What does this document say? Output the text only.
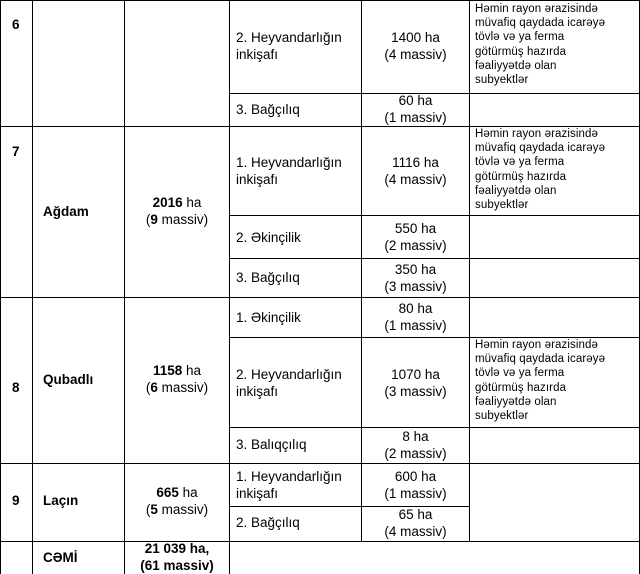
6
2. Heyvandarlığın
inkişafı
1400 ha
(4 massiv)
Həmin rayon ərazisində
müvafiq qaydada icarəyə
tövlə və ya ferma
götürmüş hazırda
fəaliyyətdə olan
subyektlər
3. Bağçılıq
60 ha
(1 massiv)
7
Ağdam
2016 ha
(9 massiv)
1. Heyvandarlığın
inkişafı
1116 ha
(4 massiv)
Həmin rayon ərazisində
müvafiq qaydada icarəyə
tövlə və ya ferma
götürmüş hazırda
fəaliyyətdə olan
subyektlər
2. Əkinçilik
550 ha
(2 massiv)
3. Bağçılıq
350 ha
(3 massiv)
8
Qubadlı
1158 ha
(6 massiv)
1. Əkinçilik
80 ha
(1 massiv)
2. Heyvandarlığın
inkişafı
1070 ha
(3 massiv)
Həmin rayon ərazisində
müvafiq qaydada icarəyə
tövlə və ya ferma
götürmüş hazırda
fəaliyyətdə olan
subyektlər
3. Balıqçılıq
8 ha
(2 massiv)
9 Laçın
665 ha
(5 massiv)
1. Heyvandarlığın
inkişafı
600 ha
(1 massiv)
2. Bağçılıq
65 ha
(4 massiv)
CƏMİ
21 039 ha,
(61 massiv)
